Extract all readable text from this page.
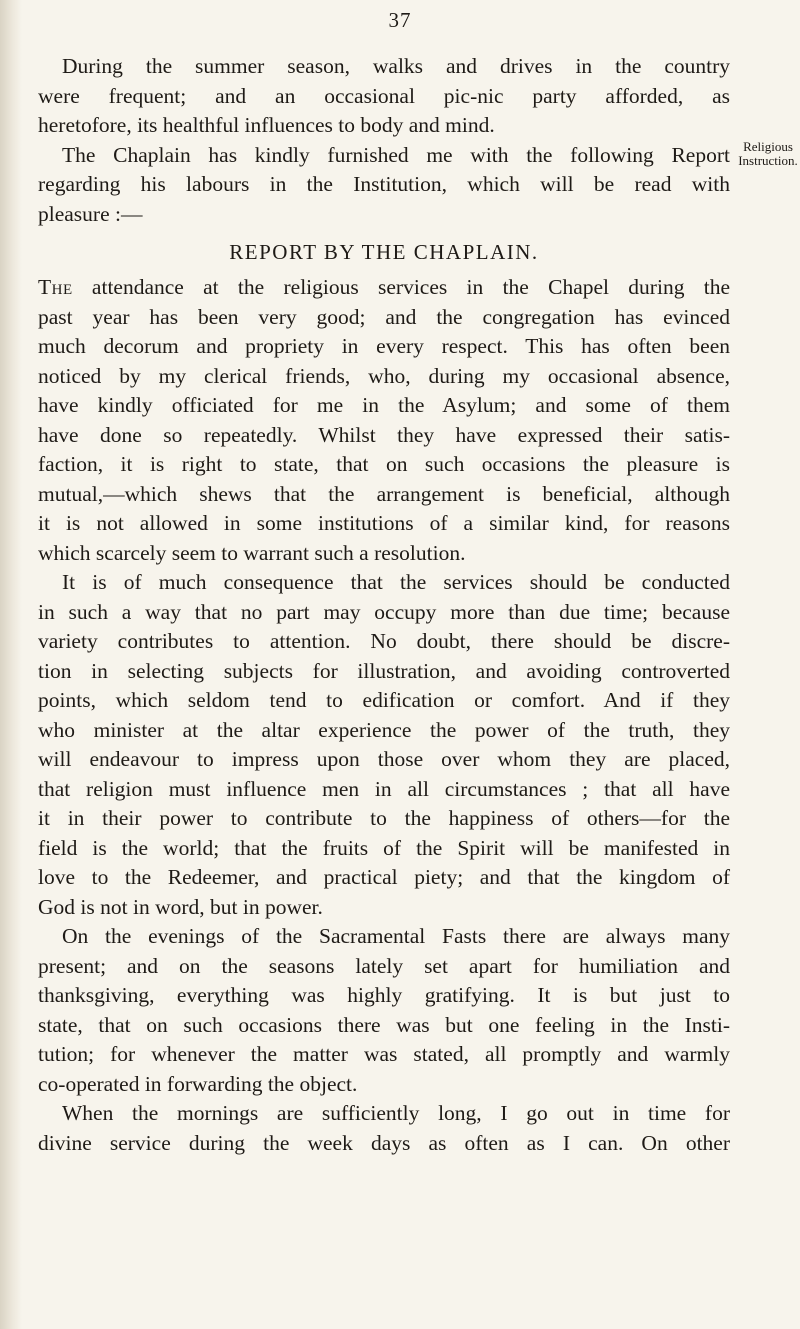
37
Religious
Instruction.
During the summer season, walks and drives in the country
were frequent; and an occasional pic-nic party afforded, as
heretofore, its healthful influences to body and mind.
The Chaplain has kindly furnished me with the following Report
regarding his labours in the Institution, which will be read with
pleasure :—
REPORT BY THE CHAPLAIN.
The attendance at the religious services in the Chapel during the
past year has been very good; and the congregation has evinced
much decorum and propriety in every respect. This has often been
noticed by my clerical friends, who, during my occasional absence,
have kindly officiated for me in the Asylum; and some of them
have done so repeatedly. Whilst they have expressed their satis-
faction, it is right to state, that on such occasions the pleasure is
mutual,—which shews that the arrangement is beneficial, although
it is not allowed in some institutions of a similar kind, for reasons
which scarcely seem to warrant such a resolution.
It is of much consequence that the services should be conducted
in such a way that no part may occupy more than due time; because
variety contributes to attention. No doubt, there should be discre-
tion in selecting subjects for illustration, and avoiding controverted
points, which seldom tend to edification or comfort. And if they
who minister at the altar experience the power of the truth, they
will endeavour to impress upon those over whom they are placed,
that religion must influence men in all circumstances ; that all have
it in their power to contribute to the happiness of others—for the
field is the world; that the fruits of the Spirit will be manifested in
love to the Redeemer, and practical piety; and that the kingdom of
God is not in word, but in power.
On the evenings of the Sacramental Fasts there are always many
present; and on the seasons lately set apart for humiliation and
thanksgiving, everything was highly gratifying. It is but just to
state, that on such occasions there was but one feeling in the Insti-
tution; for whenever the matter was stated, all promptly and warmly
co-operated in forwarding the object.
When the mornings are sufficiently long, I go out in time for
divine service during the week days as often as I can. On other
